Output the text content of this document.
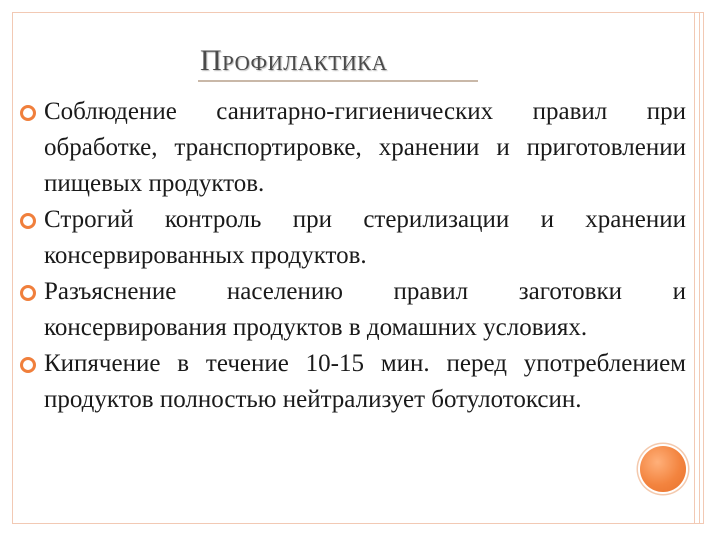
Профилактика
Соблюдение санитарно-гигиенических правил при обработке, транспортировке, хранении и приготовлении пищевых продуктов.
Строгий контроль при стерилизации и хранении консервированных продуктов.
Разъяснение населению правил заготовки и консервирования продуктов в домашних условиях.
Кипячение в течение 10-15 мин. перед употреблением продуктов полностью нейтрализует ботулотоксин.
